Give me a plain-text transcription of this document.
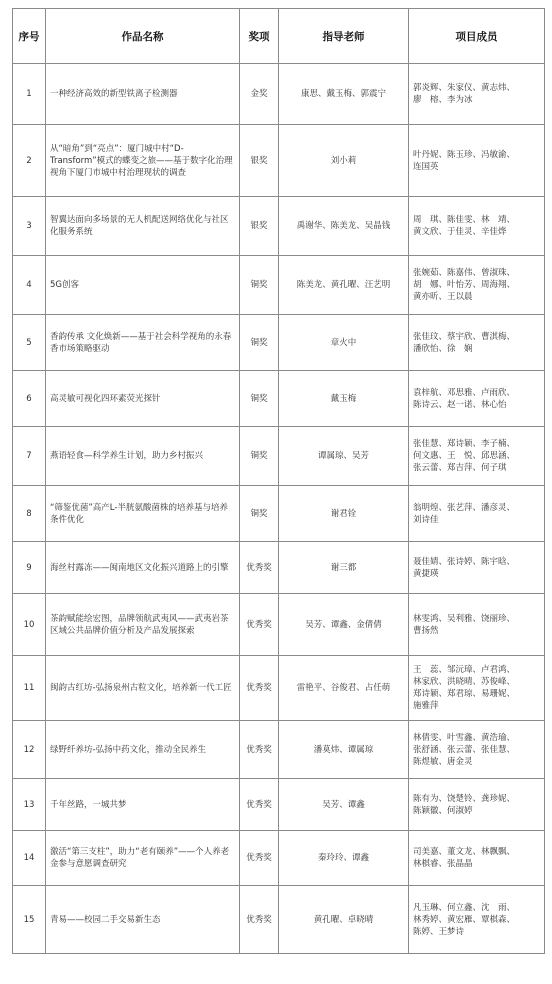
序号	作品名称	奖项	指导老师	项目成员
1	一种经济高效的新型铁离子检测器	金奖	康思、戴玉梅、郭震宁	郭炎辉、朱家仪、黄志炜、
廖　榕、李为冰

2	从“暗角”到“亮点”：厦门城中村“D-Transform”模式的蝶变之旅——基于数字化治理视角下厦门市城中村治理现状的调查	银奖	刘小莉	叶丹妮、陈玉珍、冯敏渝、
连国英

3	智翼达面向多场景的无人机配送网络优化与社区化服务系统	银奖	禹谢华、陈美龙、吴晶钱	周　琪、陈佳雯、林　靖、
黄文欣、于佳灵、辛佳烨

4	5G创客	铜奖	陈美龙、黄孔曜、汪艺明	张婉茹、陈嘉伟、曾淑珠、
胡　娜、叶怡芳、周海翔、
黄亦昕、王以晨

5	香韵传承 文化焕新——基于社会科学视角的永春香市场策略驱动	铜奖	章火中	张佳玟、蔡宇欣、曹淇梅、
潘欣怡、徐　娴

6	高灵敏可视化四环素荧光探针	铜奖	戴玉梅	袁梓航、邓思雅、卢雨欣、
陈诗云、赵一诺、林心怡

7	燕语轻食—科学养生计划，助力乡村振兴	铜奖	谭属琼、吴芳	张佳慧、郑诗颖、李子楠、
何文惠、王　悦、邱思涵、
张云蕾、郑吉萍、何子琪

8	“筛鉴优菌”高产L-半胱氨酸菌株的培养基与培养条件优化	铜奖	谢君铨	翁明煌、张艺萍、潘彦灵、
刘诗佳

9	海丝村露冻——闽南地区文化振兴道路上的引擎	优秀奖	谢三都	聂佳婧、张诗婷、陈宇晗、
黄捷瑛

10	茶韵赋能绘宏图，品牌领航武夷风——武夷岩茶区域公共品牌价值分析及产品发展探索	优秀奖	吴芳、谭鑫、金倩倩	林雯鸿、吴利雅、饶丽珍、
曹扬然

11	闽韵古红坊-弘扬泉州古粒文化，培养新一代工匠	优秀奖	雷艳平、谷俊君、占任萌	王　蕊、邹沅璋、卢君鸿、
林家欣、洪晓晴、苏俊峰、
郑诗颖、郑君琼、易珊妮、
施雅萍

12	绿野纤养坊-弘扬中药文化，推动全民养生	优秀奖	潘莫炜、谭属琼	林倩雯、叶雪鑫、黄浩瑜、
张舒涵、张云蕾、张佳慧、
陈煜敏、唐金灵

13	千年丝路，一城共梦	优秀奖	吴芳、谭鑫	陈有为、饶楚铃、龚珍妮、
陈颖徽、何淑婷

14	激活“第三支柱”，助力“老有颐养”——个人养老金参与意愿调查研究	优秀奖	秦玲玲、谭鑫	司美嘉、董文龙、林飘飘、
林棋睿、张晶晶

15	青易——校园二手交易新生态	优秀奖	黄孔曜、卓晓晴	凡玉琳、何立鑫、沈　雨、
林秀婷、黄宏雁、覃棋森、
陈婷、王梦诗
